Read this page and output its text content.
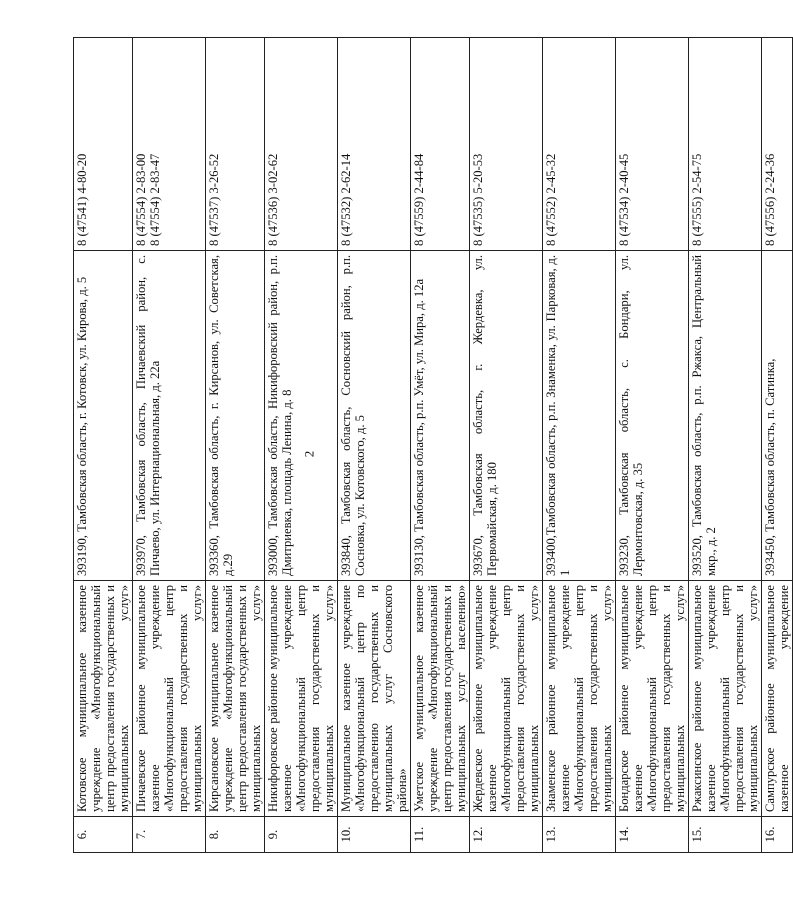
2
6.	Котовское муниципальное казенное учреждение «Многофункциональный центр предоставления государственных и муниципальных услуг»	393190, Тамбовская область, г. Котовск, ул. Кирова, д. 5	8 (47541) 4-80-20
7.	Пичаевское районное муниципальное казенное учреждение «Многофункциональный центр предоставления государственных и муниципальных услуг»	393970, Тамбовская область, Пичаевский район, с. Пичаево, ул. Интернациональная, д. 22а	8 (47554) 2-83-00
8 (47554) 2-83-47
8.	Кирсановское муниципальное казенное учреждение «Многофункциональный центр предоставления государственных и муниципальных услуг»	393360, Тамбовская область, г. Кирсанов, ул. Советская, д.29	8 (47537) 3-26-52
9.	Никифоровское районное муниципальное казенное учреждение «Многофункциональный центр предоставления государственных и муниципальных услуг»	393000, Тамбовская область, Никифоровский район, р.п. Дмитриевка, площадь Ленина, д. 8	8 (47536) 3-02-62
10.	Муниципальное казенное учреждение «Многофункциональный центр по предоставлению государственных и муниципальных услуг Сосновского района»	393840, Тамбовская область, Сосновский район, р.п. Сосновка, ул. Котовского, д. 5	8 (47532) 2-62-14
11.	Уметское муниципальное казенное учреждение «Многофункциональный центр предоставления государственных и муниципальных услуг населению»	393130, Тамбовская область, р.п. Умёт, ул. Мира, д. 12а	8 (47559) 2-44-84
12.	Жердевское районное муниципальное казенное учреждение «Многофункциональный центр предоставления государственных и муниципальных услуг»	393670, Тамбовская область, г. Жердевка, ул. Первомайская, д. 180	8 (47535) 5-20-53
13.	Знаменское районное муниципальное казенное учреждение «Многофункциональный центр предоставления государственных и муниципальных услуг»	393400,Тамбовская область, р.п. Знаменка, ул. Парковая, д. 1	8 (47552) 2-45-32
14.	Бондарское районное муниципальное казенное учреждение «Многофункциональный центр предоставления государственных и муниципальных услуг»	393230, Тамбовская область, с. Бондари, ул. Лермонтовская, д. 35	8 (47534) 2-40-45
15.	Ржаксинское районное муниципальное казенное учреждение «Многофункциональный центр предоставления государственных и муниципальных услуг»	393520, Тамбовская область, р.п. Ржакса, Центральный мкр., д. 2	8 (47555) 2-54-75
16.	Сампурское районное муниципальное казенное учреждение	393450, Тамбовская область, п. Сатинка,	8 (47556) 2-24-36
